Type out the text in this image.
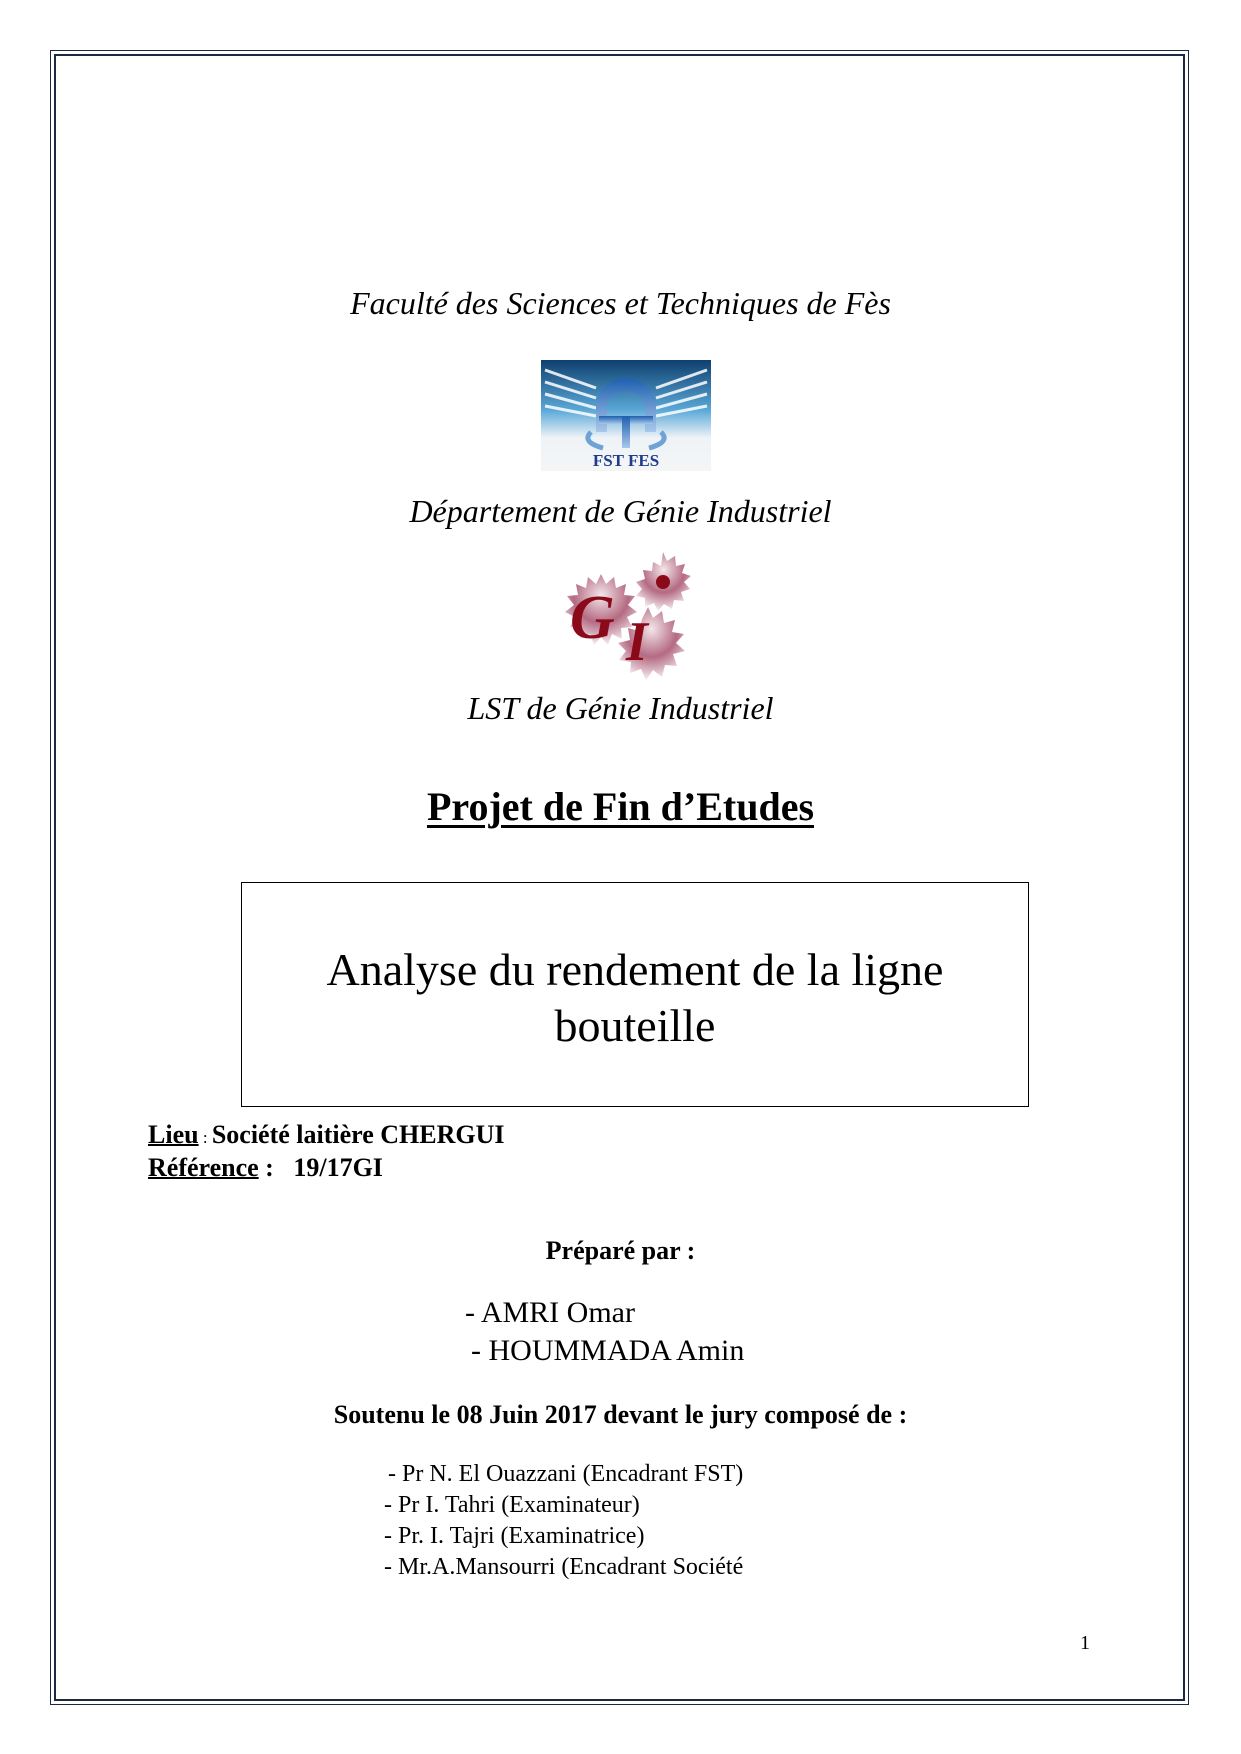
Faculté des Sciences et Techniques de Fès
FST FES
Département de Génie Industriel
G I
LST de Génie Industriel
Projet de Fin d’Etudes
Analyse du rendement de la ligne
bouteille
Lieu : Société laitière CHERGUI
Référence :   19/17GI
Préparé par :
- AMRI Omar
- HOUMMADA Amin
Soutenu le 08 Juin 2017 devant le jury composé de :
- Pr N. El Ouazzani (Encadrant FST)
- Pr I. Tahri (Examinateur)
- Pr. I. Tajri (Examinatrice)
- Mr.A.Mansourri (Encadrant Société
1
